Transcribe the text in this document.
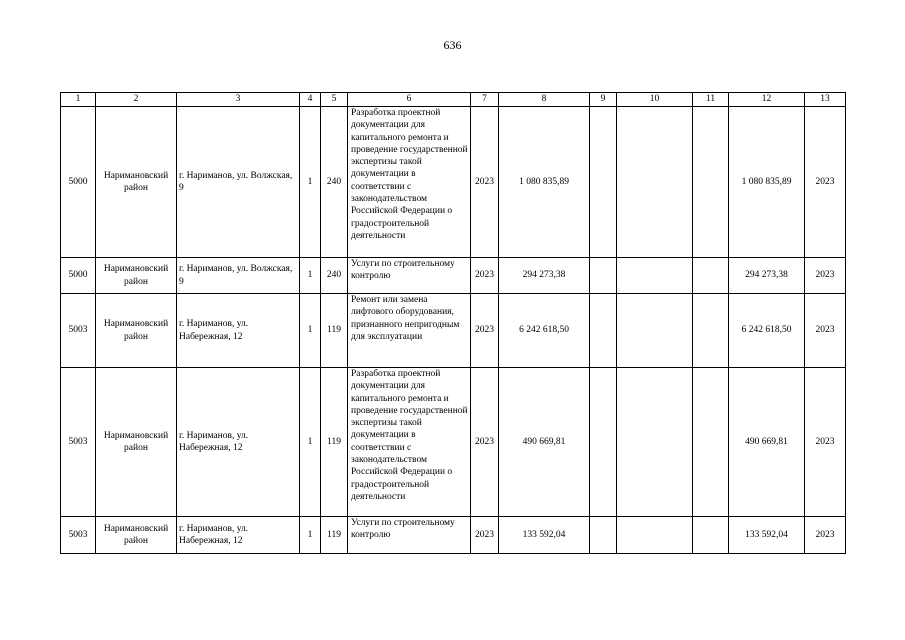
636
1	2	3	4	5	6	7	8	9	10	11	12	13
5000	Наримановский район	г. Нариманов, ул. Волжская, 9	1	240	Разработка проектной документации для капитального ремонта и проведение государственной экспертизы такой документации в соответствии с законодательством Российской Федерации о градостроительной деятельности	2023	1 080 835,89				1 080 835,89	2023
5000	Наримановский район	г. Нариманов, ул. Волжская, 9	1	240	Услуги по строительному контролю	2023	294 273,38				294 273,38	2023
5003	Наримановский район	г. Нариманов, ул. Набережная, 12	1	119	Ремонт или замена лифтового оборудования, признанного непригодным для эксплуатации	2023	6 242 618,50				6 242 618,50	2023
5003	Наримановский район	г. Нариманов, ул. Набережная, 12	1	119	Разработка проектной документации для капитального ремонта и проведение государственной экспертизы такой документации в соответствии с законодательством Российской Федерации о градостроительной деятельности	2023	490 669,81				490 669,81	2023
5003	Наримановский район	г. Нариманов, ул. Набережная, 12	1	119	Услуги по строительному контролю	2023	133 592,04				133 592,04	2023
